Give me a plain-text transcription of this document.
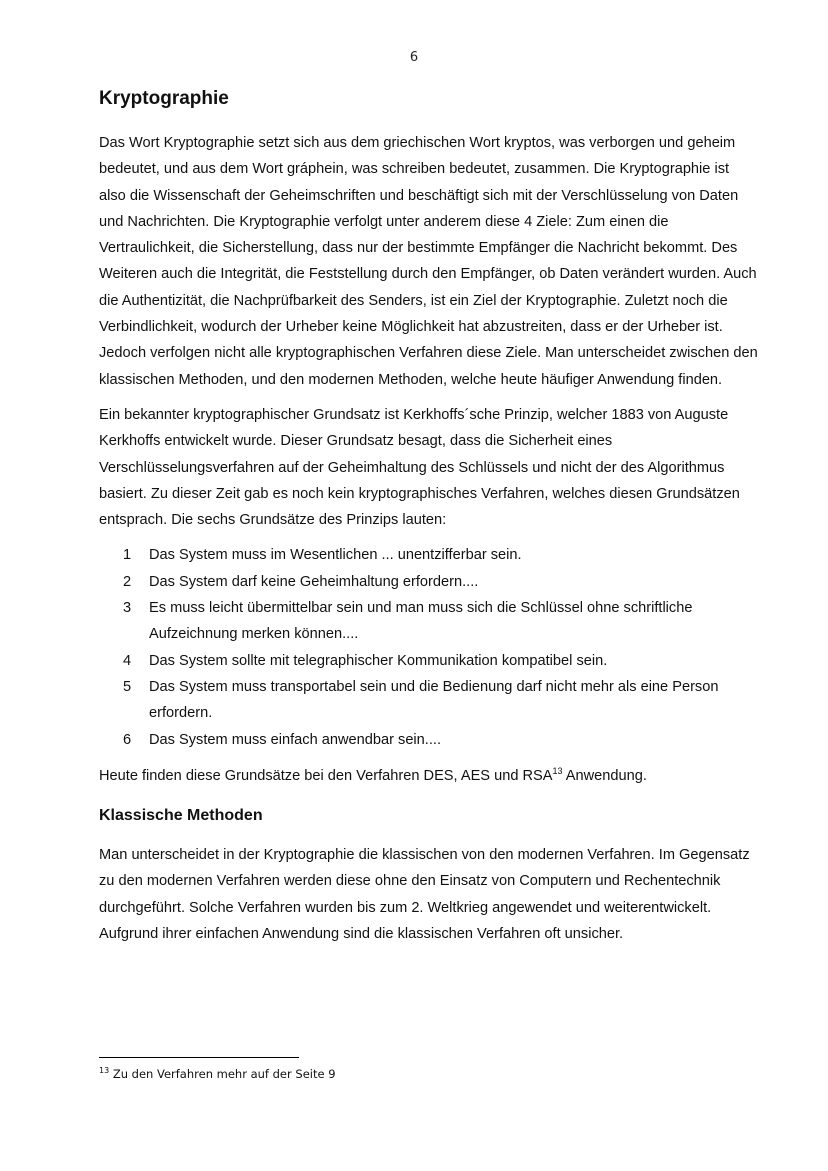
6
Kryptographie

Das Wort Kryptographie setzt sich aus dem griechischen Wort kryptos, was verborgen und geheim bedeutet, und aus dem Wort gráphein, was schreiben bedeutet, zusammen. Die Kryptographie ist also die Wissenschaft der Geheimschriften und beschäftigt sich mit der Verschlüsselung von Daten und Nachrichten. Die Kryptographie verfolgt unter anderem diese 4 Ziele: Zum einen die Vertraulichkeit, die Sicherstellung, dass nur der bestimmte Empfänger die Nachricht bekommt. Des Weiteren auch die Integrität, die Feststellung durch den Empfänger, ob Daten verändert wurden. Auch die Authentizität, die Nachprüfbarkeit des Senders, ist ein Ziel der Kryptographie. Zuletzt noch die Verbindlichkeit, wodurch der Urheber keine Möglichkeit hat abzustreiten, dass er der Urheber ist. Jedoch verfolgen nicht alle kryptographischen Verfahren diese Ziele. Man unterscheidet zwischen den klassischen Methoden, und den modernen Methoden, welche heute häufiger Anwendung finden.

Ein bekannter kryptographischer Grundsatz ist Kerkhoffs´sche Prinzip, welcher 1883 von Auguste Kerkhoffs entwickelt wurde. Dieser Grundsatz besagt, dass die Sicherheit eines Verschlüsselungsverfahren auf der Geheimhaltung des Schlüssels und nicht der des Algorithmus basiert. Zu dieser Zeit gab es noch kein kryptographisches Verfahren, welches diesen Grundsätzen entsprach. Die sechs Grundsätze des Prinzips lauten:

1 Das System muss im Wesentlichen ... unentzifferbar sein.
2 Das System darf keine Geheimhaltung erfordern....
3 Es muss leicht übermittelbar sein und man muss sich die Schlüssel ohne schriftliche Aufzeichnung merken können....
4 Das System sollte mit telegraphischer Kommunikation kompatibel sein.
5 Das System muss transportabel sein und die Bedienung darf nicht mehr als eine Person erfordern.
6 Das System muss einfach anwendbar sein....

Heute finden diese Grundsätze bei den Verfahren DES, AES und RSA$^{13}$ Anwendung.

Klassische Methoden

Man unterscheidet in der Kryptographie die klassischen von den modernen Verfahren. Im Gegensatz zu den modernen Verfahren werden diese ohne den Einsatz von Computern und Rechentechnik durchgeführt. Solche Verfahren wurden bis zum 2. Weltkrieg angewendet und weiterentwickelt. Aufgrund ihrer einfachen Anwendung sind die klassischen Verfahren oft unsicher.

$^{13}$ Zu den Verfahren mehr auf der Seite 9
